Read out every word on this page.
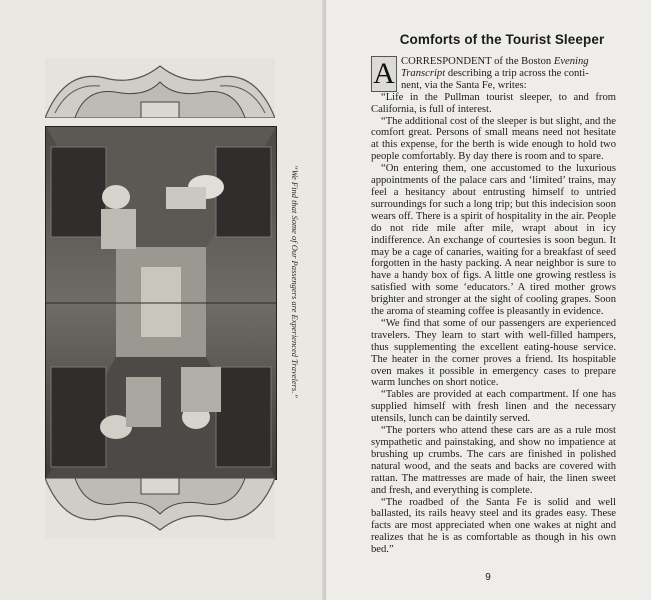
“We Find that Some of Our Passengers are Experienced Travelers.”
Comforts of the Tourist Sleeper
A CORRESPONDENT of the Boston Evening
Transcript describing a trip across the conti-
nent, via the Santa Fe, writes:

“Life in the Pullman tourist sleeper, to and from California, is full of interest.

“The additional cost of the sleeper is but slight, and the comfort great. Persons of small means need not hesitate at this expense, for the berth is wide enough to hold two people comfortably. By day there is room and to spare.

“On entering them, one accustomed to the luxurious appointments of the palace cars and ‘limited’ trains, may feel a hesitancy about entrusting himself to untried surroundings for such a long trip; but this indecision soon wears off. There is a spirit of hospitality in the air. People do not ride mile after mile, wrapt about in icy indifference. An exchange of courtesies is soon begun. It may be a cage of canaries, waiting for a breakfast of seed forgotten in the hasty packing. A near neighbor is sure to have a handy box of figs. A little one growing restless is satisfied with some ‘educators.’ A tired mother grows brighter and stronger at the sight of cooling grapes. Soon the aroma of steaming coffee is pleasantly in evidence.

“We find that some of our passengers are experienced travelers. They learn to start with well-filled hampers, thus supplementing the excellent eating-house service. The heater in the corner proves a friend. Its hospitable oven makes it possible in emergency cases to prepare warm lunches on short notice.

“Tables are provided at each compartment. If one has supplied himself with fresh linen and the necessary utensils, lunch can be daintily served.

“The porters who attend these cars are as a rule most sympathetic and painstaking, and show no impatience at brushing up crumbs. The cars are finished in polished natural wood, and the seats and backs are covered with rattan. The mattresses are made of hair, the linen sweet and fresh, and everything is complete.

“The roadbed of the Santa Fe is solid and well ballasted, its rails heavy steel and its grades easy. These facts are most appreciated when one wakes at night and realizes that he is as comfortable as though in his own bed.”

9
